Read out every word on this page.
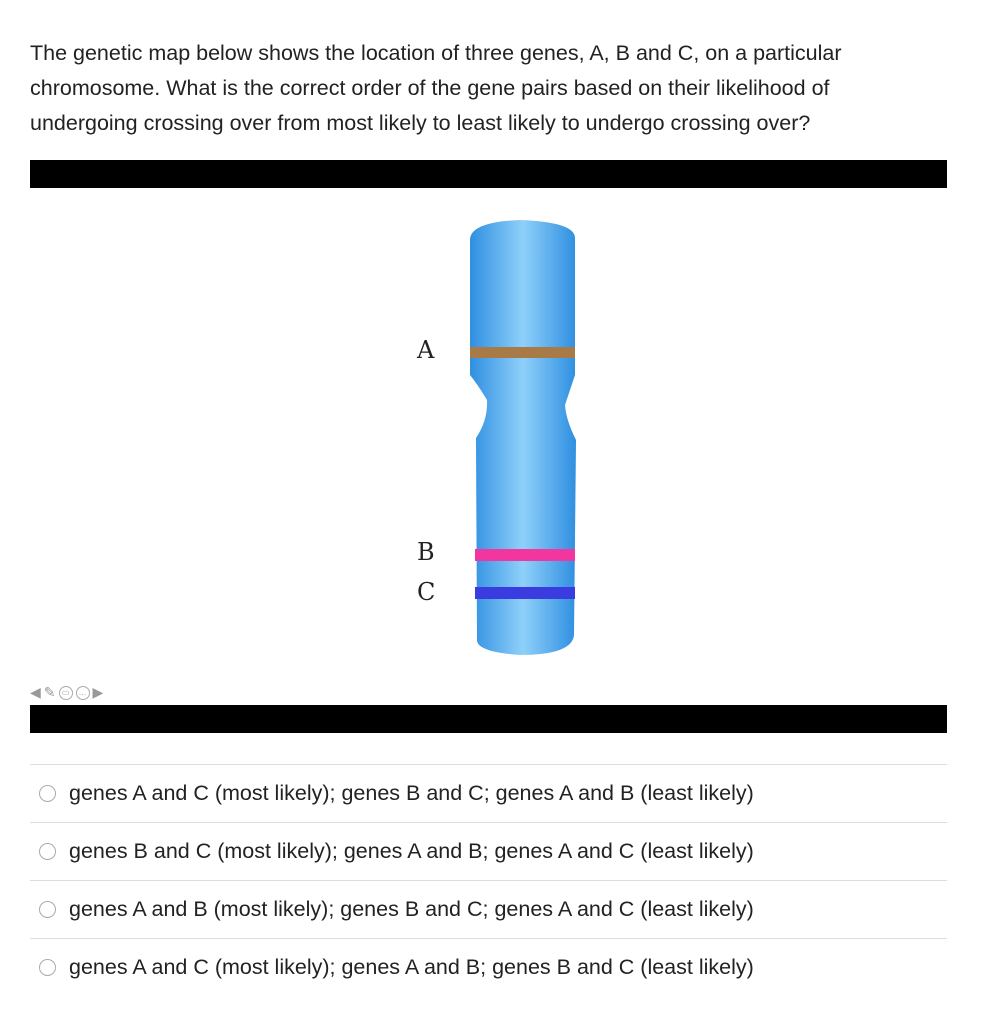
The genetic map below shows the location of three genes, A, B and C, on a particular chromosome. What is the correct order of the gene pairs based on their likelihood of undergoing crossing over from most likely to least likely to undergo crossing over?
A
B
C
◀ ✎ ▭	… ▶
genes A and C (most likely); genes B and C; genes A and B (least likely)
genes B and C (most likely); genes A and B; genes A and C (least likely)
genes A and B (most likely); genes B and C; genes A and C (least likely)
genes A and C (most likely); genes A and B; genes B and C (least likely)
